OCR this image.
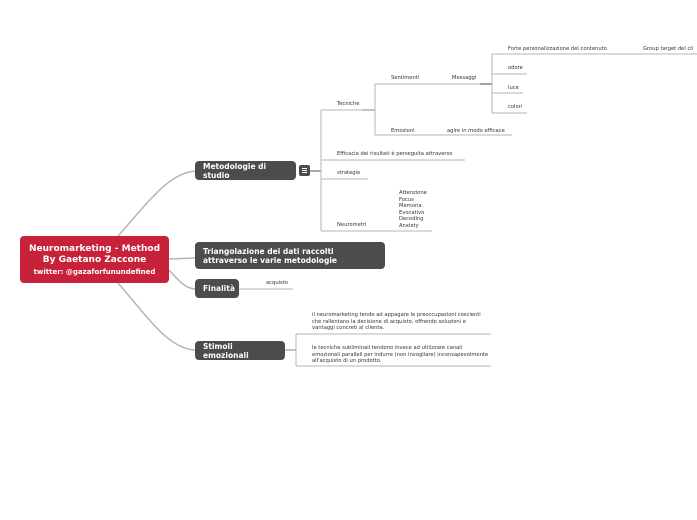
Neuromarketing - Method
By Gaetano Zaccone
twitter: @gazaforfunundefined
Metodologie di studio
Triangolazione dei dati raccolti attraverso le varie metodologie
Finalità
Stimoli emozionali
Tecniche
Sentimenti	Messaggi
Forte personalizzazione del contenuto	Group target del cli
odore
luce
colori
Emozioni	agire in modo efficace
Efficacia dei risultati è perseguita attraverso
strategie
Neurometri
Attenzione
Focus
Memoria
Evocativo
Decoding
Anxiety
acquisto
il neuromarketing tende ad appagare le preoccupazioni coscienti che rallentano la decisione di acquisto, offrendo soluzioni e vantaggi concreti al cliente.
le tecniche subliminali tendono invece ad utilizzare canali emozionali paralleli per indurre (non invogliare) inconsapevolmente all'acquisto di un prodotto.
